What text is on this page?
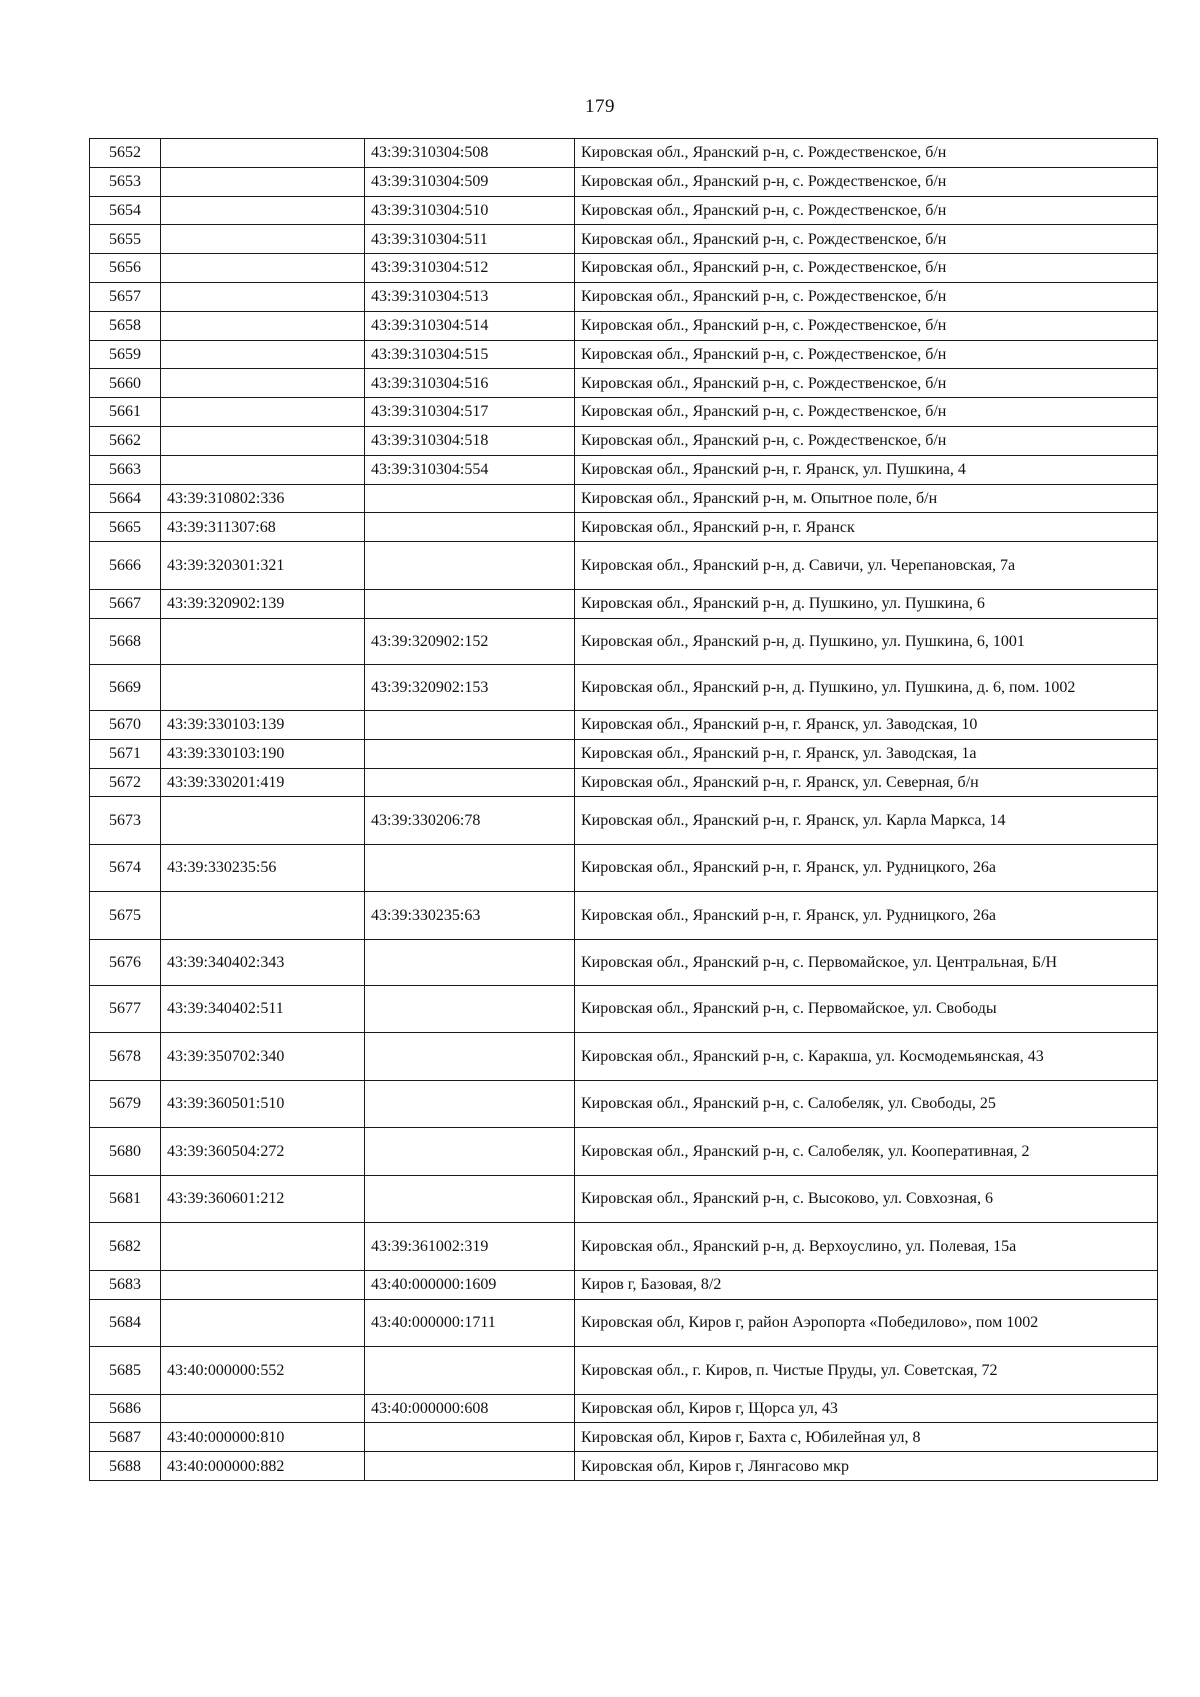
179
5652		43:39:310304:508	Кировская обл., Яранский р-н, с. Рождественское, б/н
5653		43:39:310304:509	Кировская обл., Яранский р-н, с. Рождественское, б/н
5654		43:39:310304:510	Кировская обл., Яранский р-н, с. Рождественское, б/н
5655		43:39:310304:511	Кировская обл., Яранский р-н, с. Рождественское, б/н
5656		43:39:310304:512	Кировская обл., Яранский р-н, с. Рождественское, б/н
5657		43:39:310304:513	Кировская обл., Яранский р-н, с. Рождественское, б/н
5658		43:39:310304:514	Кировская обл., Яранский р-н, с. Рождественское, б/н
5659		43:39:310304:515	Кировская обл., Яранский р-н, с. Рождественское, б/н
5660		43:39:310304:516	Кировская обл., Яранский р-н, с. Рождественское, б/н
5661		43:39:310304:517	Кировская обл., Яранский р-н, с. Рождественское, б/н
5662		43:39:310304:518	Кировская обл., Яранский р-н, с. Рождественское, б/н
5663		43:39:310304:554	Кировская обл., Яранский р-н, г. Яранск, ул. Пушкина, 4
5664	43:39:310802:336		Кировская обл., Яранский р-н, м. Опытное поле, б/н
5665	43:39:311307:68		Кировская обл., Яранский р-н, г. Яранск
5666	43:39:320301:321		Кировская обл., Яранский р-н, д. Савичи, ул. Черепановская, 7а
5667	43:39:320902:139		Кировская обл., Яранский р-н, д. Пушкино, ул. Пушкина, 6
5668		43:39:320902:152	Кировская обл., Яранский р-н, д. Пушкино, ул. Пушкина, 6, 1001
5669		43:39:320902:153	Кировская обл., Яранский р-н, д. Пушкино, ул. Пушкина, д. 6, пом. 1002
5670	43:39:330103:139		Кировская обл., Яранский р-н, г. Яранск, ул. Заводская, 10
5671	43:39:330103:190		Кировская обл., Яранский р-н, г. Яранск, ул. Заводская, 1а
5672	43:39:330201:419		Кировская обл., Яранский р-н, г. Яранск, ул. Северная, б/н
5673		43:39:330206:78	Кировская обл., Яранский р-н, г. Яранск, ул. Карла Маркса, 14
5674	43:39:330235:56		Кировская обл., Яранский р-н, г. Яранск, ул. Рудницкого, 26а
5675		43:39:330235:63	Кировская обл., Яранский р-н, г. Яранск, ул. Рудницкого, 26а
5676	43:39:340402:343		Кировская обл., Яранский р-н, с. Первомайское, ул. Центральная, Б/Н
5677	43:39:340402:511		Кировская обл., Яранский р-н, с. Первомайское, ул. Свободы
5678	43:39:350702:340		Кировская обл., Яранский р-н, с. Каракша, ул. Космодемьянская, 43
5679	43:39:360501:510		Кировская обл., Яранский р-н, с. Салобеляк, ул. Свободы, 25
5680	43:39:360504:272		Кировская обл., Яранский р-н, с. Салобеляк, ул. Кооперативная, 2
5681	43:39:360601:212		Кировская обл., Яранский р-н, с. Высоково, ул. Совхозная, 6
5682		43:39:361002:319	Кировская обл., Яранский р-н, д. Верхоуслино, ул. Полевая, 15а
5683		43:40:000000:1609	Киров г, Базовая, 8/2
5684		43:40:000000:1711	Кировская обл, Киров г, район Аэропорта «Победилово», пом 1002
5685	43:40:000000:552		Кировская обл., г. Киров, п. Чистые Пруды, ул. Советская, 72
5686		43:40:000000:608	Кировская обл, Киров г, Щорса ул, 43
5687	43:40:000000:810		Кировская обл, Киров г, Бахта с, Юбилейная ул, 8
5688	43:40:000000:882		Кировская обл, Киров г, Лянгасово мкр
